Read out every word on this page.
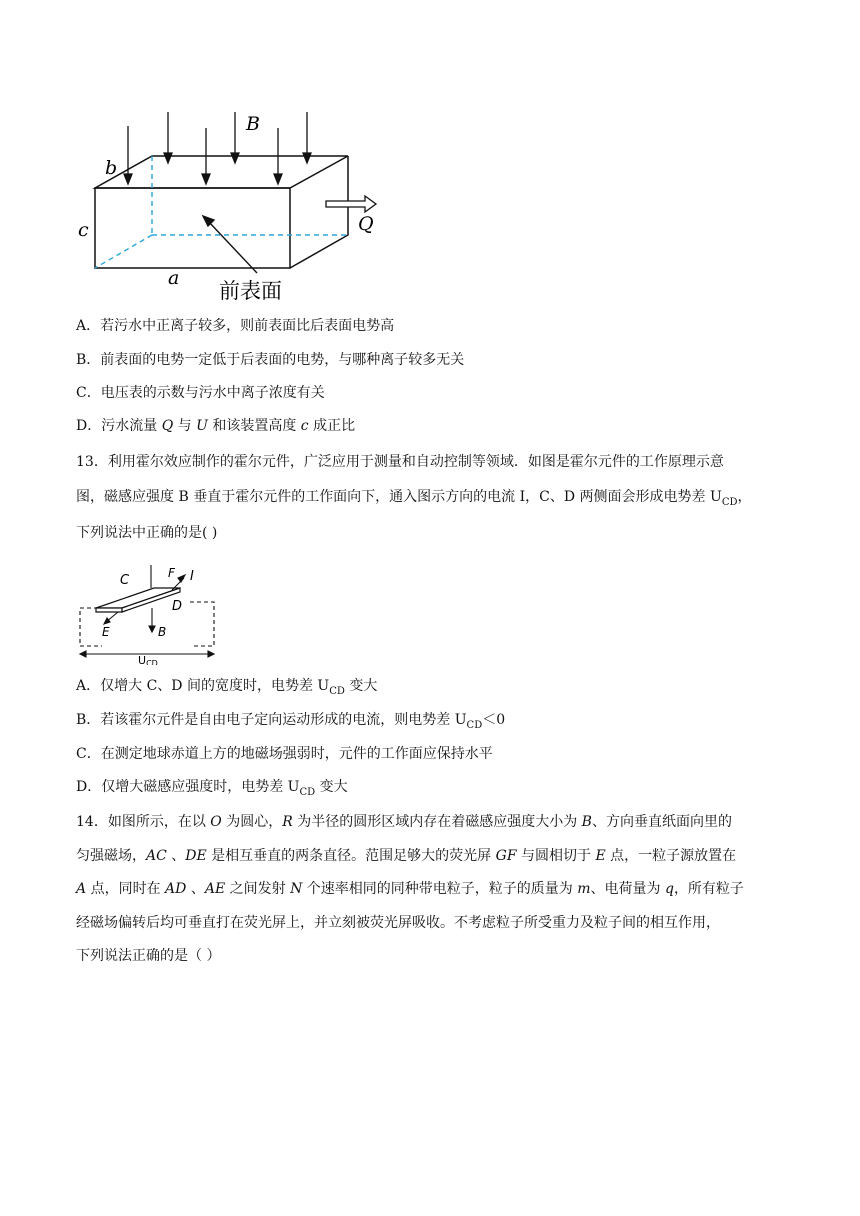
B
b
c
a
Q
前表面
A．若污水中正离子较多，则前表面比后表面电势高
B．前表面的电势一定低于后表面的电势，与哪种离子较多无关
C．电压表的示数与污水中离子浓度有关
D．污水流量 Q 与 U 和该装置高度 c 成正比
13．利用霍尔效应制作的霍尔元件，广泛应用于测量和自动控制等领域．如图是霍尔元件的工作原理示意
图，磁感应强度 B 垂直于霍尔元件的工作面向下，通入图示方向的电流 I，C、D 两侧面会形成电势差 $U_{CD}$，
下列说法中正确的是( )
C	F I
D
E	B
UCD
A．仅增大 C、D 间的宽度时，电势差 $U_{CD}$ 变大
B．若该霍尔元件是自由电子定向运动形成的电流，则电势差 $U_{CD}<0$
C．在测定地球赤道上方的地磁场强弱时，元件的工作面应保持水平
D．仅增大磁感应强度时，电势差 $U_{CD}$ 变大
14．如图所示，在以 O 为圆心，R 为半径的圆形区域内存在着磁感应强度大小为 B、方向垂直纸面向里的
匀强磁场，AC 、DE 是相互垂直的两条直径。范围足够大的荧光屏 GF 与圆相切于 E 点，一粒子源放置在
A 点，同时在 AD 、AE 之间发射 N 个速率相同的同种带电粒子，粒子的质量为 m、电荷量为 q，所有粒子
经磁场偏转后均可垂直打在荧光屏上，并立刻被荧光屏吸收。不考虑粒子所受重力及粒子间的相互作用，
下列说法正确的是（ ）
